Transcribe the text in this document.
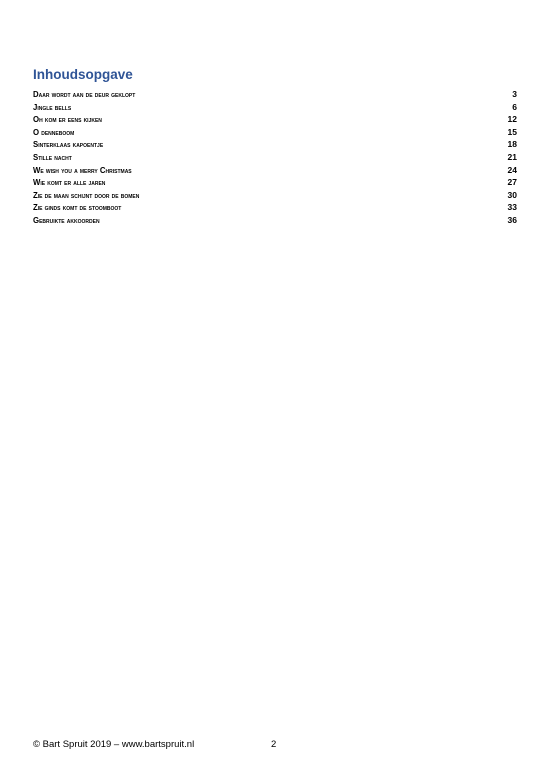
Inhoudsopgave
Daar wordt aan de deur geklopt	3
Jingle bells	6
Oh kom er eens kijken	12
O denneboom	15
Sinterklaas kapoentje	18
Stille nacht	21
We wish you a merry Christmas	24
Wie komt er alle jaren	27
Zie de maan schijnt door de bomen	30
Zie ginds komt de stoomboot	33
Gebruikte akkoorden	36
© Bart Spruit 2019 – www.bartspruit.nl	2
